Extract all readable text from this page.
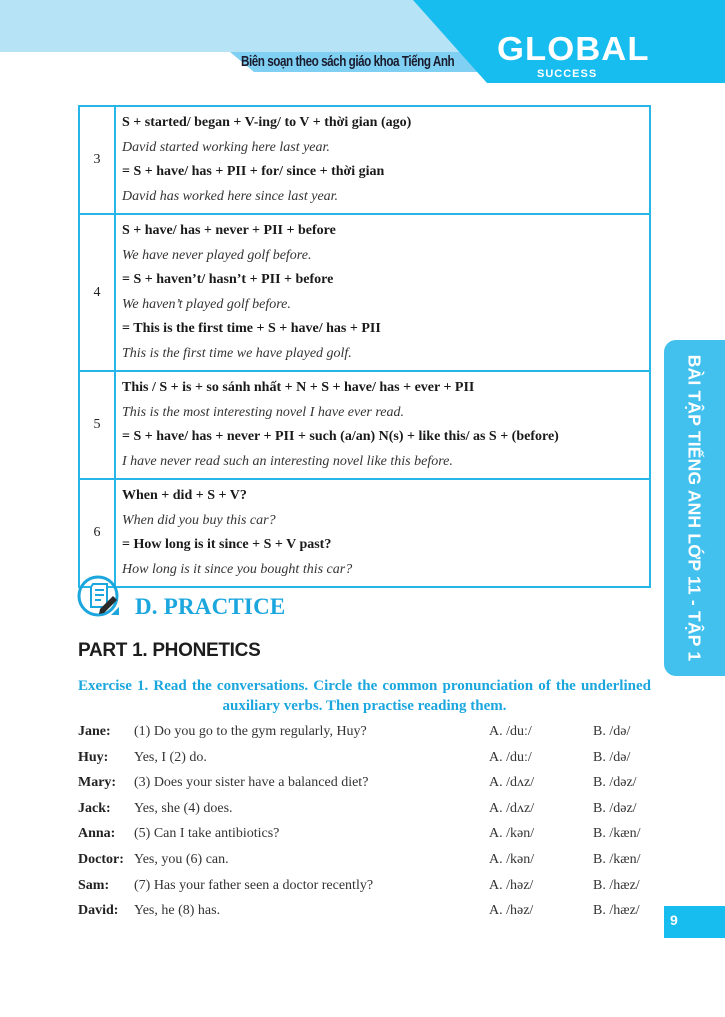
Biên soạn theo sách giáo khoa Tiếng Anh GLOBAL
SUCCESS
3	S + started/ began + V-ing/ to V + thời gian (ago)
David started working here last year.
= S + have/ has + PII + for/ since + thời gian
David has worked here since last year.

4	
S + have/ has + never + PII + before
We have never played golf before.
= S + haven’t/ hasn’t + PII + before
We haven’t played golf before.
= This is the first time + S + have/ has + PII
This is the first time we have played golf.

5	This / S + is + so sánh nhất + N + S + have/ has + ever + PII
This is the most interesting novel I have ever read.
= S + have/ has + never + PII + such (a/an) N(s) + like this/ as S + (before)
I have never read such an interesting novel like this before.

6	When + did + S + V?
When did you buy this car?
= How long is it since + S + V past?
How long is it since you bought this car?
D. PRACTICE
PART 1. PHONETICS
Exercise 1. Read the conversations. Circle the common pronunciation of the underlined auxiliary verbs. Then practise reading them.
Jane: (1) Do you go to the gym regularly, Huy?	A. /duː/	B. /də/
Huy: Yes, I (2) do.	A. /duː/	B. /də/
Mary: (3) Does your sister have a balanced diet?	A. /dʌz/	B. /dəz/
Jack: Yes, she (4) does.	A. /dʌz/	B. /dəz/
Anna: (5) Can I take antibiotics?	A. /kən/	B. /kæn/
Doctor: Yes, you (6) can.	A. /kən/	B. /kæn/
Sam: (7) Has your father seen a doctor recently?	A. /həz/	B. /hæz/
David: Yes, he (8) has.	A. /həz/	B. /hæz/
BÀI TẬP TIẾNG ANH LỚP 11 - TẬP 1
9
